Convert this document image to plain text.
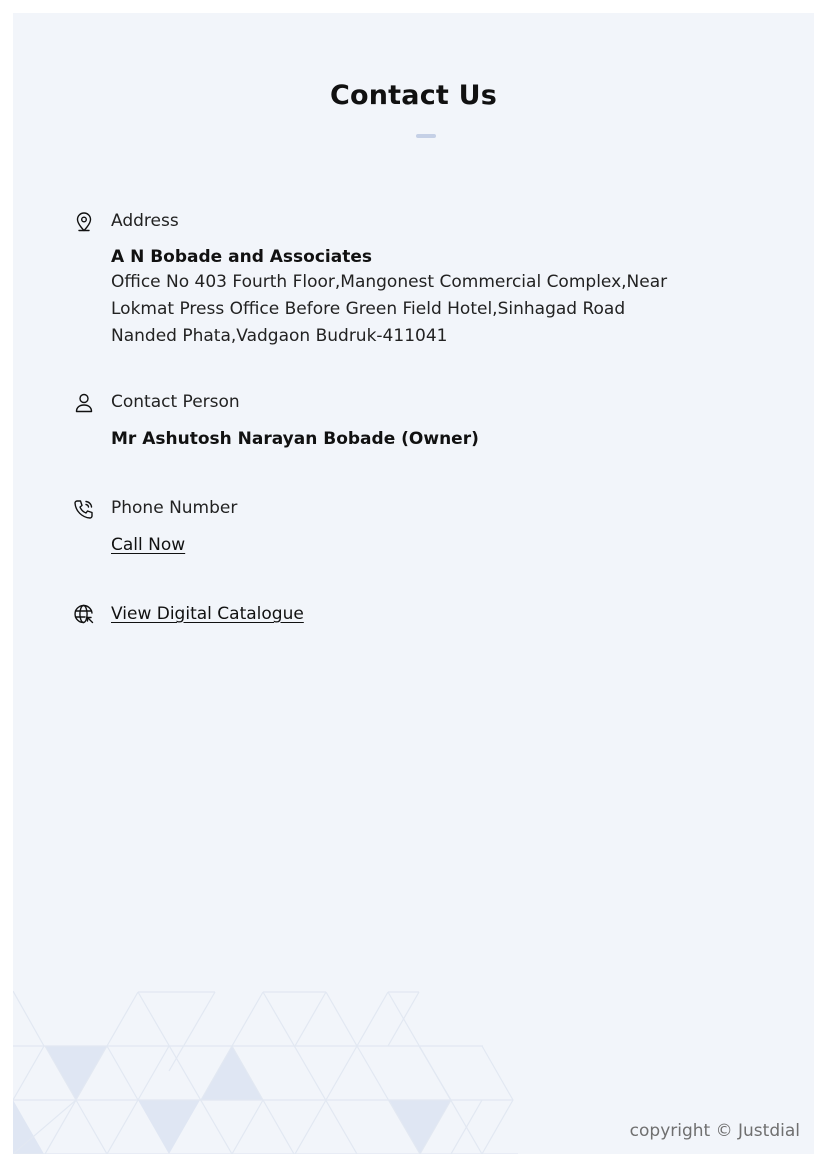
Contact Us
Address
A N Bobade and Associates
Office No 403 Fourth Floor,Mangonest Commercial Complex,Near
Lokmat Press Office Before Green Field Hotel,Sinhagad Road
Nanded Phata,Vadgaon Budruk-411041
Contact Person
Mr Ashutosh Narayan Bobade (Owner)
Phone Number
Call Now
View Digital Catalogue
copyright © Justdial
